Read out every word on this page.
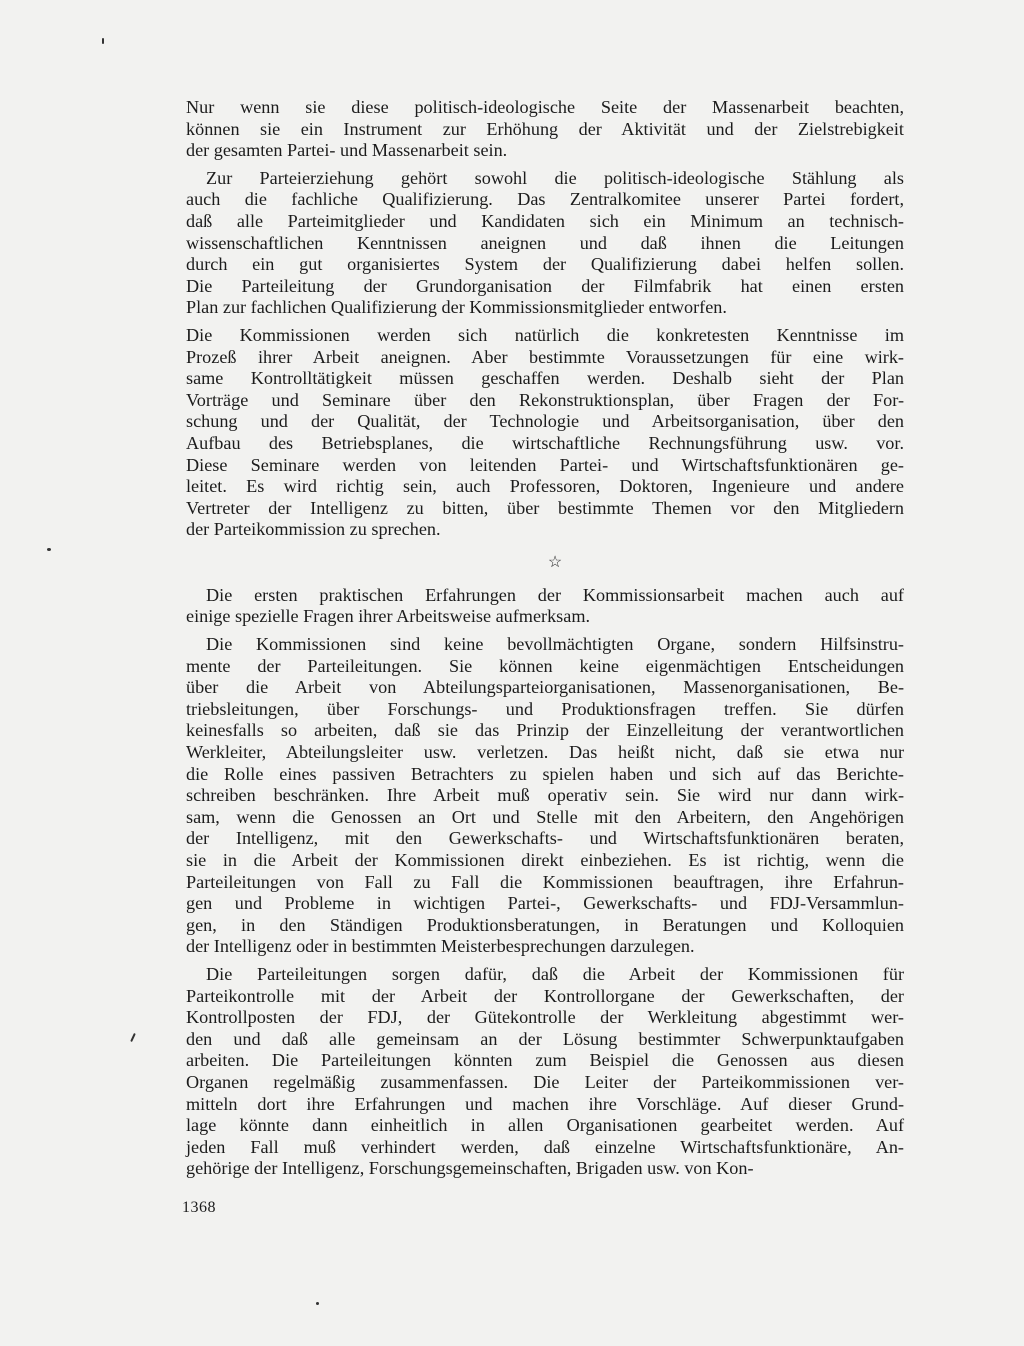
Nur wenn sie diese politisch-ideologische Seite der Massenarbeit beachten,
können sie ein Instrument zur Erhöhung der Aktivität und der Zielstrebigkeit
der gesamten Partei- und Massenarbeit sein.
Zur Parteierziehung gehört sowohl die politisch-ideologische Stählung als
auch die fachliche Qualifizierung. Das Zentralkomitee unserer Partei fordert,
daß alle Parteimitglieder und Kandidaten sich ein Minimum an technisch-
wissenschaftlichen Kenntnissen aneignen und daß ihnen die Leitungen
durch ein gut organisiertes System der Qualifizierung dabei helfen sollen.
Die Parteileitung der Grundorganisation der Filmfabrik hat einen ersten
Plan zur fachlichen Qualifizierung der Kommissionsmitglieder entworfen.
Die Kommissionen werden sich natürlich die konkretesten Kenntnisse im
Prozeß ihrer Arbeit aneignen. Aber bestimmte Voraussetzungen für eine wirk-
same Kontrolltätigkeit müssen geschaffen werden. Deshalb sieht der Plan
Vorträge und Seminare über den Rekonstruktionsplan, über Fragen der For-
schung und der Qualität, der Technologie und Arbeitsorganisation, über den
Aufbau des Betriebsplanes, die wirtschaftliche Rechnungsführung usw. vor.
Diese Seminare werden von leitenden Partei- und Wirtschaftsfunktionären ge-
leitet. Es wird richtig sein, auch Professoren, Doktoren, Ingenieure und andere
Vertreter der Intelligenz zu bitten, über bestimmte Themen vor den Mitgliedern
der Parteikommission zu sprechen.
☆
Die ersten praktischen Erfahrungen der Kommissionsarbeit machen auch auf
einige spezielle Fragen ihrer Arbeitsweise aufmerksam.
Die Kommissionen sind keine bevollmächtigten Organe, sondern Hilfsinstru-
mente der Parteileitungen. Sie können keine eigenmächtigen Entscheidungen
über die Arbeit von Abteilungsparteiorganisationen, Massenorganisationen, Be-
triebsleitungen, über Forschungs- und Produktionsfragen treffen. Sie dürfen
keinesfalls so arbeiten, daß sie das Prinzip der Einzelleitung der verantwortlichen
Werkleiter, Abteilungsleiter usw. verletzen. Das heißt nicht, daß sie etwa nur
die Rolle eines passiven Betrachters zu spielen haben und sich auf das Berichte-
schreiben beschränken. Ihre Arbeit muß operativ sein. Sie wird nur dann wirk-
sam, wenn die Genossen an Ort und Stelle mit den Arbeitern, den Angehörigen
der Intelligenz, mit den Gewerkschafts- und Wirtschaftsfunktionären beraten,
sie in die Arbeit der Kommissionen direkt einbeziehen. Es ist richtig, wenn die
Parteileitungen von Fall zu Fall die Kommissionen beauftragen, ihre Erfahrun-
gen und Probleme in wichtigen Partei-, Gewerkschafts- und FDJ-Versammlun-
gen, in den Ständigen Produktionsberatungen, in Beratungen und Kolloquien
der Intelligenz oder in bestimmten Meisterbesprechungen darzulegen.
Die Parteileitungen sorgen dafür, daß die Arbeit der Kommissionen für
Parteikontrolle mit der Arbeit der Kontrollorgane der Gewerkschaften, der
Kontrollposten der FDJ, der Gütekontrolle der Werkleitung abgestimmt wer-
den und daß alle gemeinsam an der Lösung bestimmter Schwerpunktaufgaben
arbeiten. Die Parteileitungen könnten zum Beispiel die Genossen aus diesen
Organen regelmäßig zusammenfassen. Die Leiter der Parteikommissionen ver-
mitteln dort ihre Erfahrungen und machen ihre Vorschläge. Auf dieser Grund-
lage könnte dann einheitlich in allen Organisationen gearbeitet werden. Auf
jeden Fall muß verhindert werden, daß einzelne Wirtschaftsfunktionäre, An-
gehörige der Intelligenz, Forschungsgemeinschaften, Brigaden usw. von Kon-
1368
